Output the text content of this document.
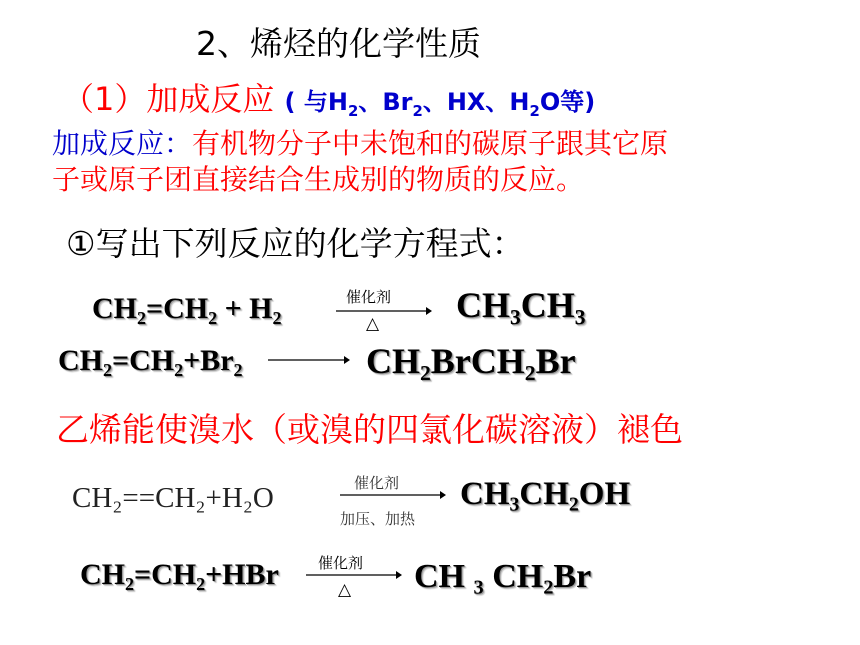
2、烯烃的化学性质
（1）加成反应 ( 与$H_2$、$Br_2$、HX、$H_2O$等)
加成反应：有机物分子中未饱和的碳原子跟其它原
子或原子团直接结合生成别的物质的反应。
①写出下列反应的化学方程式：
CH₂=CH₂ + H₂	催化剂
△ CH₃CH₃
CH₂=CH₂+Br₂	CH₂BrCH₂Br
乙烯能使溴水（或溴的四氯化碳溶液）褪色
CH₂==CH₂+H₂O	催化剂
加压、加热
CH₃CH₂OH
CH₂=CH₂+HBr	催化剂
△ CH ₃ CH₂Br
